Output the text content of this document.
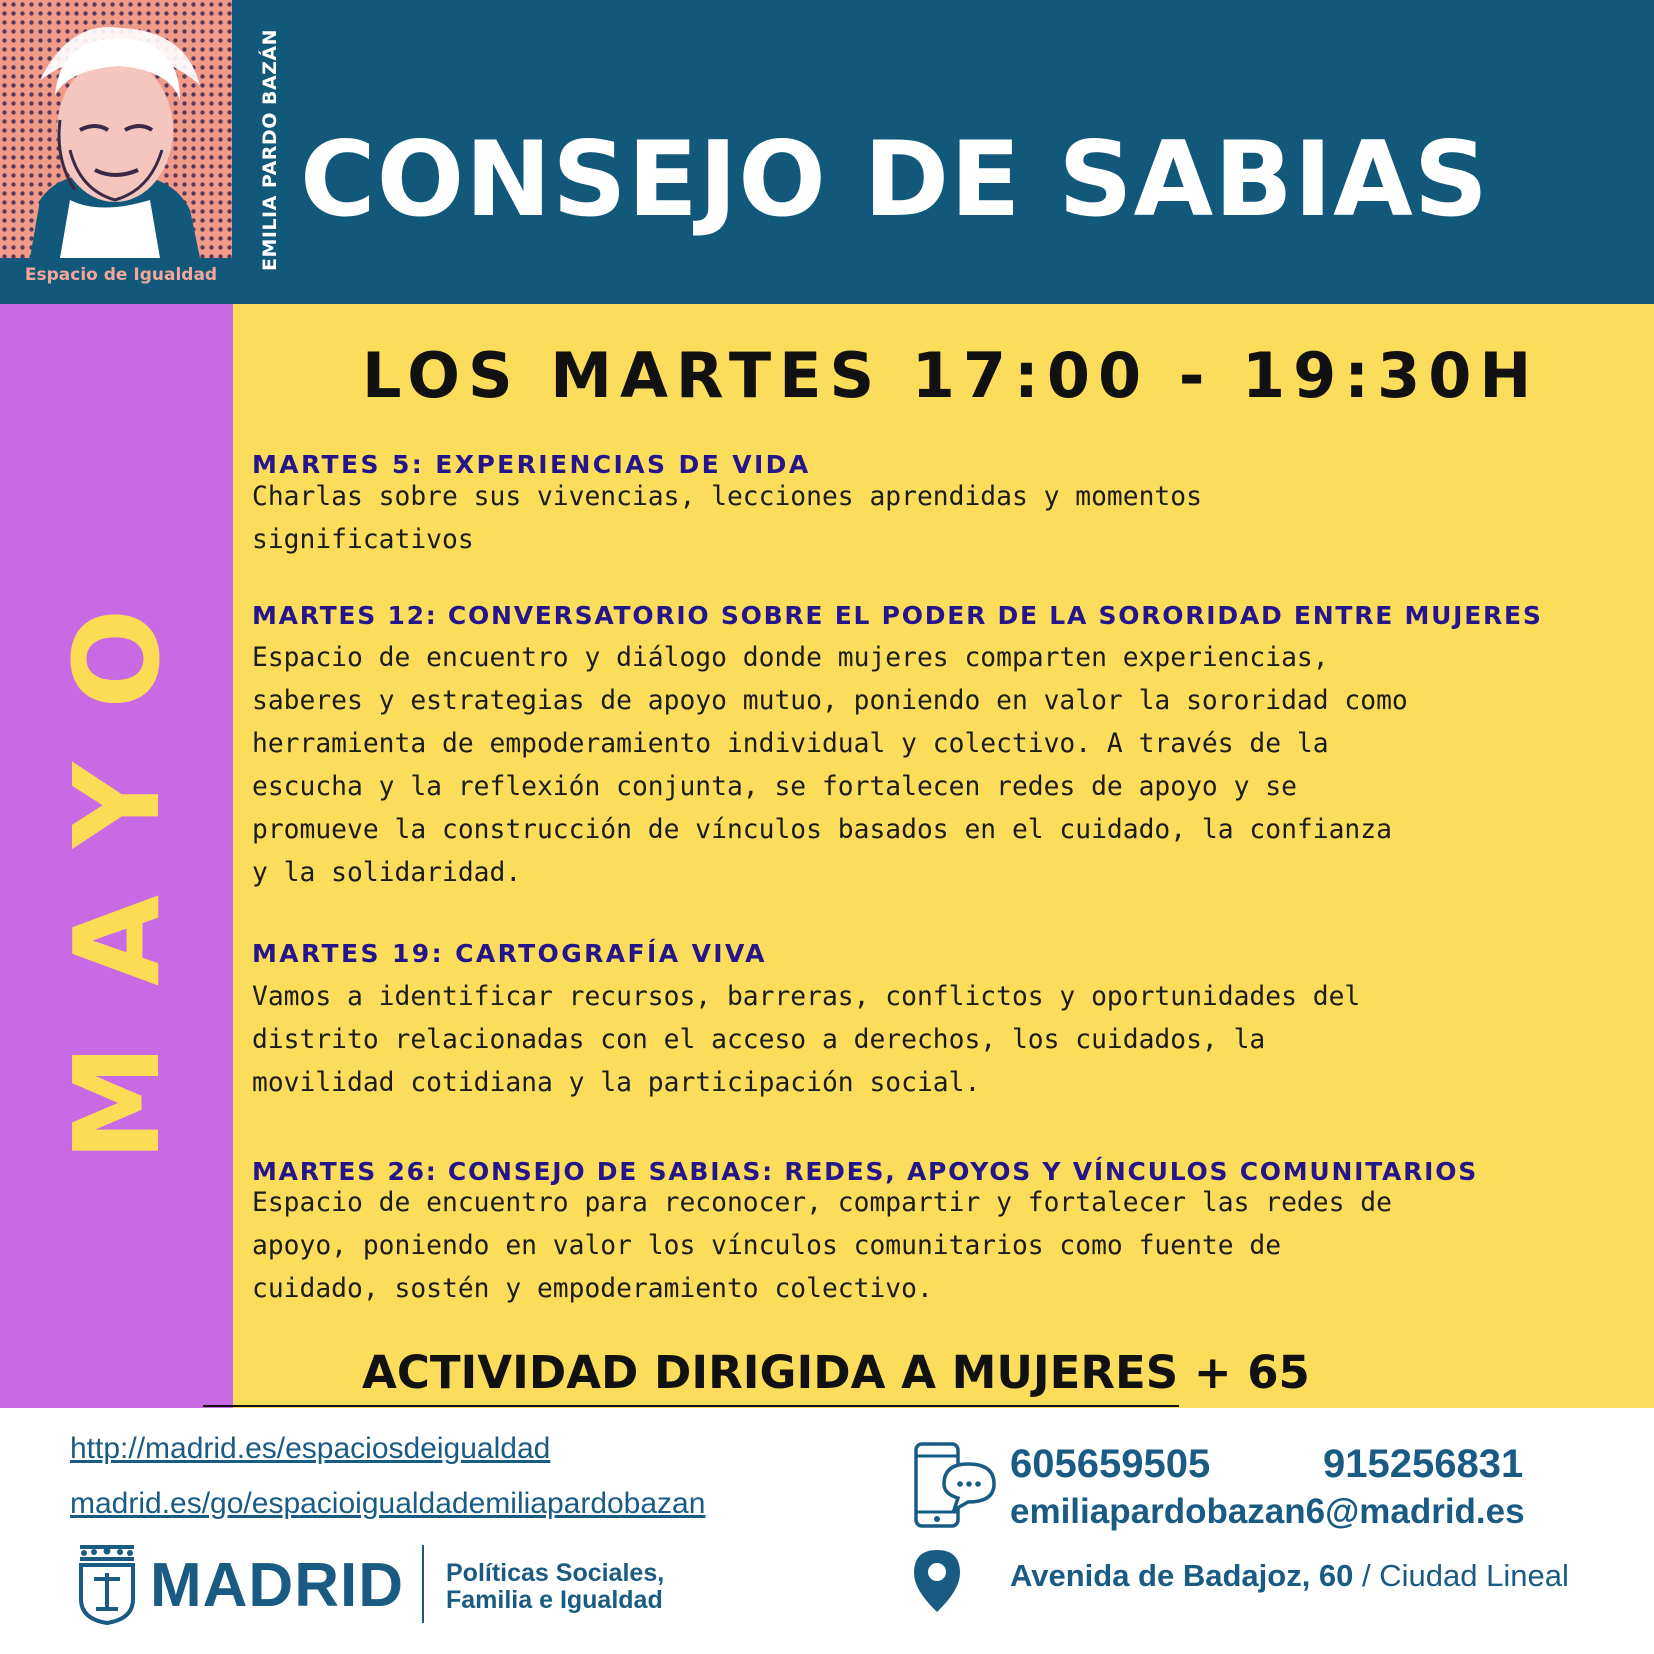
Espacio de Igualdad
EMILIA PARDO BAZÁN CONSEJO DE SABIAS
MAYO
LOS MARTES 17:00 - 19:30H
MARTES 5: EXPERIENCIAS DE VIDA
Charlas sobre sus vivencias, lecciones aprendidas y momentos
significativos
MARTES 12: CONVERSATORIO SOBRE EL PODER DE LA SORORIDAD ENTRE MUJERES
Espacio de encuentro y diálogo donde mujeres comparten experiencias,
saberes y estrategias de apoyo mutuo, poniendo en valor la sororidad como
herramienta de empoderamiento individual y colectivo. A través de la
escucha y la reflexión conjunta, se fortalecen redes de apoyo y se
promueve la construcción de vínculos basados en el cuidado, la confianza
y la solidaridad.
MARTES 19: CARTOGRAFÍA VIVA
Vamos a identificar recursos, barreras, conflictos y oportunidades del
distrito relacionadas con el acceso a derechos, los cuidados, la
movilidad cotidiana y la participación social.
MARTES 26: CONSEJO DE SABIAS: REDES, APOYOS Y VÍNCULOS COMUNITARIOS
Espacio de encuentro para reconocer, compartir y fortalecer las redes de
apoyo, poniendo en valor los vínculos comunitarios como fuente de
cuidado, sostén y empoderamiento colectivo.
ACTIVIDAD DIRIGIDA A MUJERES + 65
http://madrid.es/espaciosdeigualdad
madrid.es/go/espacioigualdademiliapardobazan
MADRID Políticas Sociales,
Familia e Igualdad
605659505	915256831
emiliapardobazan6@madrid.es
Avenida de Badajoz, 60 / Ciudad Lineal
